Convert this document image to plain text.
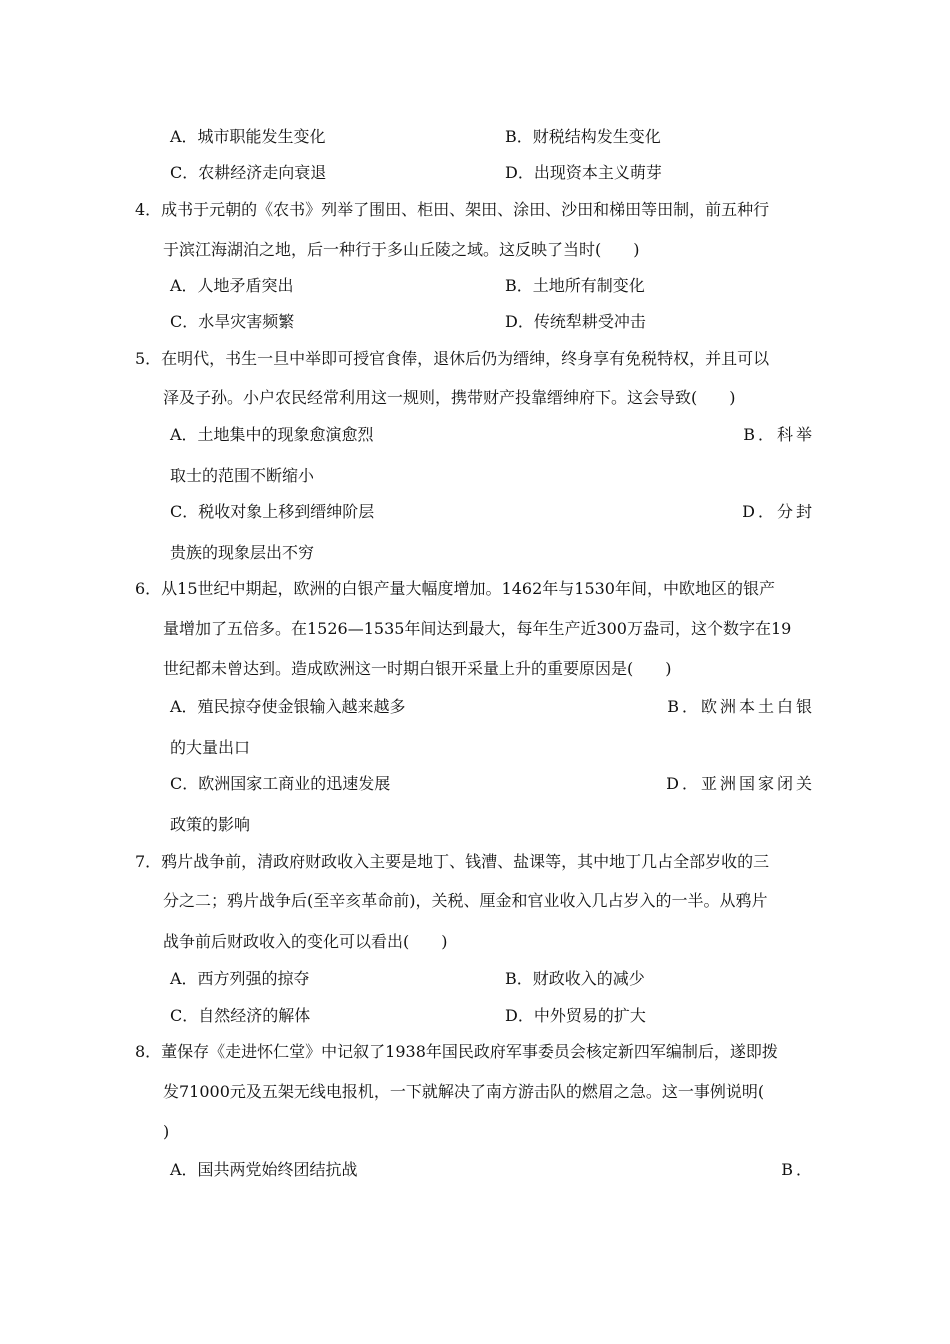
A．城市职能发生变化	B．财税结构发生变化
C．农耕经济走向衰退	D．出现资本主义萌芽
4．成书于元朝的《农书》列举了围田、柜田、架田、涂田、沙田和梯田等田制，前五种行
于滨江海湖泊之地，后一种行于多山丘陵之域。这反映了当时(　　)
A．人地矛盾突出	B．土地所有制变化
C．水旱灾害频繁	D．传统犁耕受冲击
5．在明代，书生一旦中举即可授官食俸，退休后仍为缙绅，终身享有免税特权，并且可以
泽及子孙。小户农民经常利用这一规则，携带财产投靠缙绅府下。这会导致(　　)
A．土地集中的现象愈演愈烈	B．科举
取士的范围不断缩小
C．税收对象上移到缙绅阶层	D．分封
贵族的现象层出不穷
6．从15世纪中期起，欧洲的白银产量大幅度增加。1462年与1530年间，中欧地区的银产
量增加了五倍多。在1526—1535年间达到最大，每年生产近300万盎司，这个数字在19
世纪都未曾达到。造成欧洲这一时期白银开采量上升的重要原因是(　　)
A．殖民掠夺使金银输入越来越多	B．欧洲本土白银
的大量出口
C．欧洲国家工商业的迅速发展	D．亚洲国家闭关
政策的影响
7．鸦片战争前，清政府财政收入主要是地丁、钱漕、盐课等，其中地丁几占全部岁收的三
分之二；鸦片战争后(至辛亥革命前)，关税、厘金和官业收入几占岁入的一半。从鸦片
战争前后财政收入的变化可以看出(　　)
A．西方列强的掠夺	B．财政收入的减少
C．自然经济的解体	D．中外贸易的扩大
8．董保存《走进怀仁堂》中记叙了1938年国民政府军事委员会核定新四军编制后，遂即拨
发71000元及五架无线电报机，一下就解决了南方游击队的燃眉之急。这一事例说明(
)
A．国共两党始终团结抗战	B．
